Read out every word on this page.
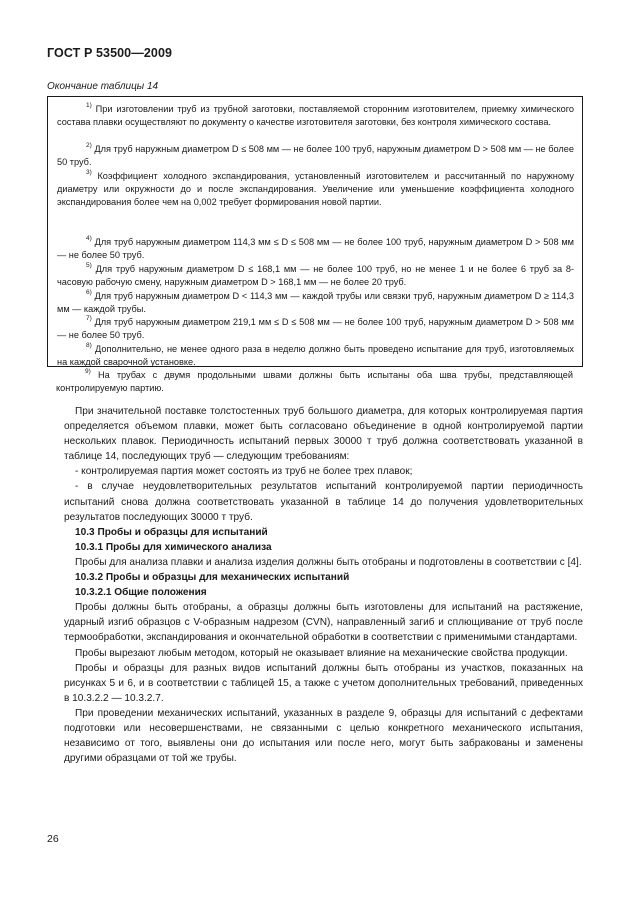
ГОСТ Р 53500—2009
Окончание таблицы 14
$^{1)}$ При изготовлении труб из трубной заготовки, поставляемой сторонним изготовителем, приемку химического состава плавки осуществляют по документу о качестве изготовителя заготовки, без контроля химического состава.
$^{2)}$ Для труб наружным диаметром D ≤ 508 мм — не более 100 труб, наружным диаметром D > 508 мм — не более 50 труб.
$^{3)}$ Коэффициент холодного экспандирования, установленный изготовителем и рассчитанный по наружному диаметру или окружности до и после экспандирования. Увеличение или уменьшение коэффициента холодного экспандирования более чем на 0,002 требует формирования новой партии.
$^{4)}$ Для труб наружным диаметром 114,3 мм ≤ D ≤ 508 мм — не более 100 труб, наружным диаметром D > 508 мм — не более 50 труб.
$^{5)}$ Для труб наружным диаметром D ≤ 168,1 мм — не более 100 труб, но не менее 1 и не более 6 труб за 8-часовую рабочую смену, наружным диаметром D > 168,1 мм — не более 20 труб.
$^{6)}$ Для труб наружным диаметром D < 114,3 мм — каждой трубы или связки труб, наружным диаметром D ≥ 114,3 мм — каждой трубы.
$^{7)}$ Для труб наружным диаметром 219,1 мм ≤ D ≤ 508 мм — не более 100 труб, наружным диаметром D > 508 мм — не более 50 труб.
$^{8)}$ Дополнительно, не менее одного раза в неделю должно быть проведено испытание для труб, изготовляемых на каждой сварочной установке.
$^{9)}$ На трубах с двумя продольными швами должны быть испытаны оба шва трубы, представляющей контролируемую партию.

При значительной поставке толстостенных труб большого диаметра, для которых контролируемая партия определяется объемом плавки, может быть согласовано объединение в одной контролируемой партии нескольких плавок. Периодичность испытаний первых 30000 т труб должна соответствовать указанной в таблице 14, последующих труб — следующим требованиям:

- контролируемая партия может состоять из труб не более трех плавок;

- в случае неудовлетворительных результатов испытаний контролируемой партии периодичность испытаний снова должна соответствовать указанной в таблице 14 до получения удовлетворительных результатов последующих 30000 т труб.

10.3 Пробы и образцы для испытаний

10.3.1 Пробы для химического анализа

Пробы для анализа плавки и анализа изделия должны быть отобраны и подготовлены в соответствии с [4].

10.3.2 Пробы и образцы для механических испытаний

10.3.2.1 Общие положения

Пробы должны быть отобраны, а образцы должны быть изготовлены для испытаний на растяжение, ударный изгиб образцов с V-образным надрезом (CVN), направленный загиб и сплющивание от труб после термообработки, экспандирования и окончательной обработки в соответствии с применимыми стандартами.

Пробы вырезают любым методом, который не оказывает влияние на механические свойства продукции.

Пробы и образцы для разных видов испытаний должны быть отобраны из участков, показанных на рисунках 5 и 6, и в соответствии с таблицей 15, а также с учетом дополнительных требований, приведенных в 10.3.2.2 — 10.3.2.7.

При проведении механических испытаний, указанных в разделе 9, образцы для испытаний с дефектами подготовки или несовершенствами, не связанными с целью конкретного механического испытания, независимо от того, выявлены они до испытания или после него, могут быть забракованы и заменены другими образцами от той же трубы.

26
